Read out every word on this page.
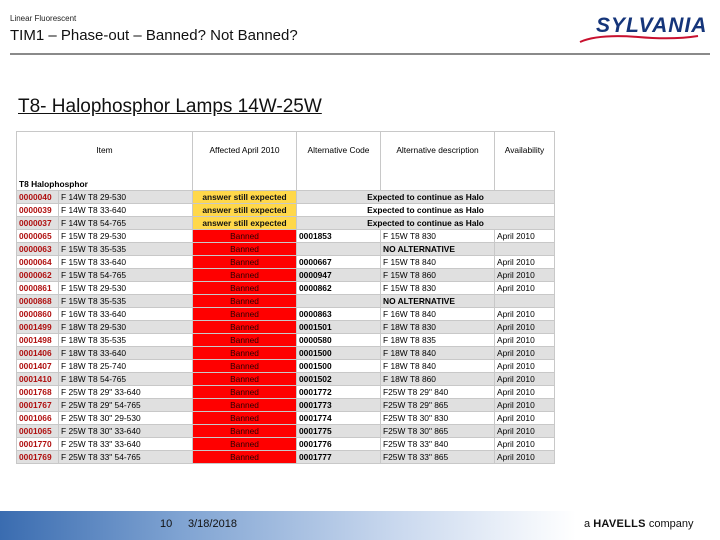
Linear Fluorescent
TIM1 – Phase-out – Banned? Not Banned?	SYLVANIA
T8- Halophosphor Lamps 14W-25W
Item		Affected April 2010	Alternative Code	Alternative description	Availability

T8 Halophosphor					
0000040	F 14W T8 29-530	answer still expected	Expected to continue as Halo		
0000039	F 14W T8 33-640	answer still expected	Expected to continue as Halo		
0000037	F 14W T8 54-765	answer still expected	Expected to continue as Halo		
0000065	F 15W T8 29-530	Banned	0001853	F 15W T8 830	April 2010
0000063	F 15W T8 35-535	Banned		NO ALTERNATIVE	
0000064	F 15W T8 33-640	Banned	0000667	F 15W T8 840	April 2010
0000062	F 15W T8 54-765	Banned	0000947	F 15W T8 860	April 2010
0000861	F 15W T8 29-530	Banned	0000862	F 15W T8 830	April 2010
0000868	F 15W T8 35-535	Banned		NO ALTERNATIVE	
0000860	F 16W T8 33-640	Banned	0000863	F 16W T8 840	April 2010
0001499	F 18W T8 29-530	Banned	0001501	F 18W T8 830	April 2010
0001498	F 18W T8 35-535	Banned	0000580	F 18W T8 835	April 2010
0001406	F 18W T8 33-640	Banned	0001500	F 18W T8 840	April 2010
0001407	F 18W T8 25-740	Banned	0001500	F 18W T8 840	April 2010
0001410	F 18W T8 54-765	Banned	0001502	F 18W T8 860	April 2010
0001768	F 25W T8 29" 33-640	Banned	0001772	F25W T8 29" 840	April 2010
0001767	F 25W T8 29" 54-765	Banned	0001773	F25W T8 29" 865	April 2010
0001066	F 25W T8 30" 29-530	Banned	0001774	F25W T8 30" 830	April 2010
0001065	F 25W T8 30" 33-640	Banned	0001775	F25W T8 30" 865	April 2010
0001770	F 25W T8 33" 33-640	Banned	0001776	F25W T8 33" 840	April 2010
0001769	F 25W T8 33" 54-765	Banned	0001777	F25W T8 33" 865	April 2010
10 3/18/2018	a HAVELLS company
